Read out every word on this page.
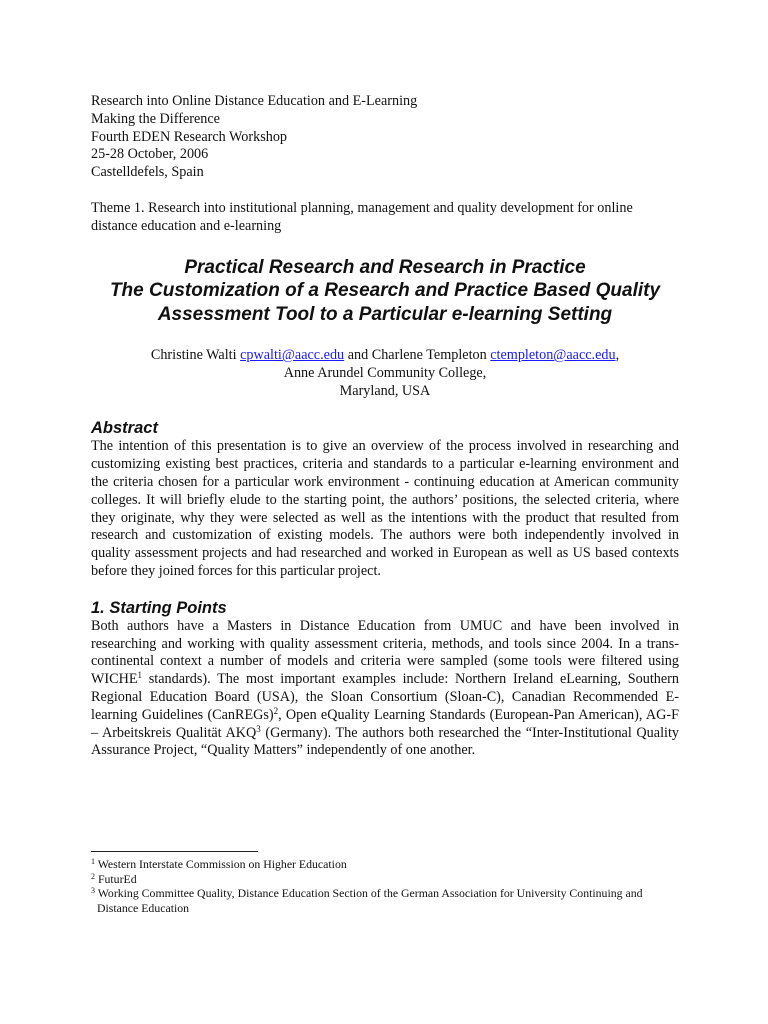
Research into Online Distance Education and E-Learning
Making the Difference
Fourth EDEN Research Workshop
25-28 October, 2006
Castelldefels, Spain
Theme 1. Research into institutional planning, management and quality development for online distance education and e-learning
Practical Research and Research in Practice
The Customization of a Research and Practice Based Quality
Assessment Tool to a Particular e-learning Setting
Christine Walti cpwalti@aacc.edu and Charlene Templeton ctempleton@aacc.edu,
Anne Arundel Community College,
Maryland, USA
Abstract

The intention of this presentation is to give an overview of the process involved in researching and customizing existing best practices, criteria and standards to a particular e-learning environment and the criteria chosen for a particular work environment - continuing education at American community colleges. It will briefly elude to the starting point, the authors’ positions, the selected criteria, where they originate, why they were selected as well as the intentions with the product that resulted from research and customization of existing models. The authors were both independently involved in quality assessment projects and had researched and worked in European as well as US based contexts before they joined forces for this particular project.

1. Starting Points

Both authors have a Masters in Distance Education from UMUC and have been involved in researching and working with quality assessment criteria, methods, and tools since 2004. In a trans-continental context a number of models and criteria were sampled (some tools were filtered using WICHE$^1$ standards). The most important examples include: Northern Ireland eLearning, Southern Regional Education Board (USA), the Sloan Consortium (Sloan-C), Canadian Recommended E-learning Guidelines (CanREGs)$^2$, Open eQuality Learning Standards (European-Pan American), AG-F – Arbeitskreis Qualität AKQ$^3$ (Germany). The authors both researched the “Inter-Institutional Quality Assurance Project, “Quality Matters” independently of one another.

$^1$ Western Interstate Commission on Higher Education
$^2$ FuturEd
$^3$ Working Committee Quality, Distance Education Section of the German Association for University Continuing and
Distance Education
